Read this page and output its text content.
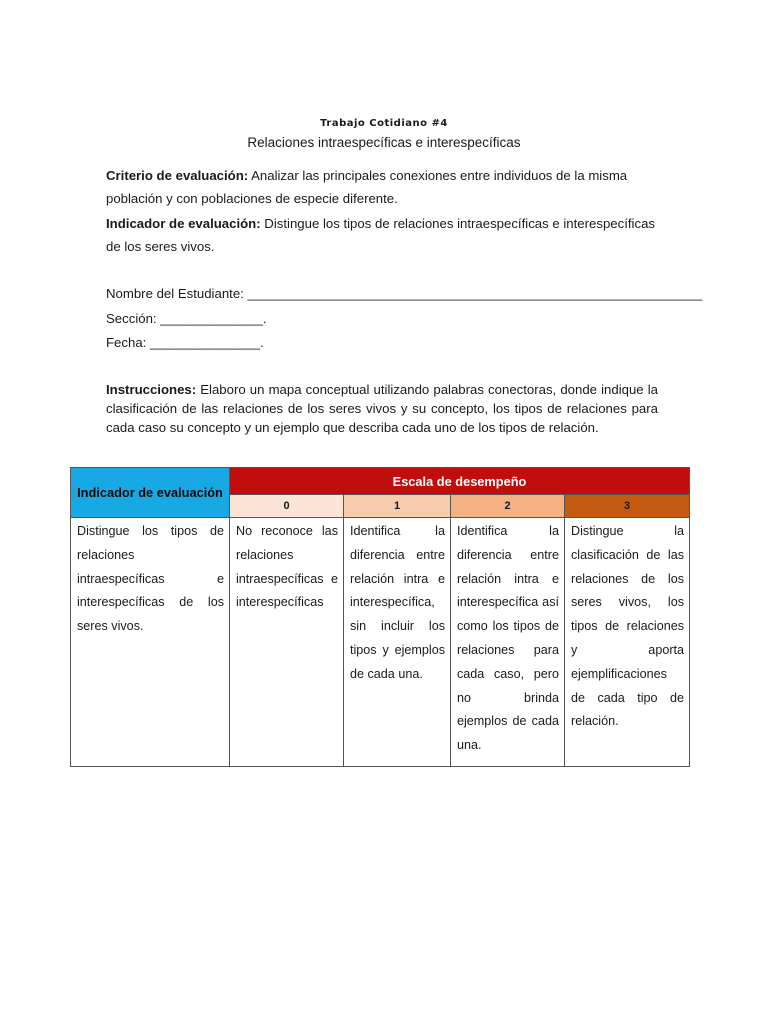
Trabajo Cotidiano #4
Relaciones intraespecíficas e interespecíficas
Criterio de evaluación: Analizar las principales conexiones entre individuos de la misma población y con poblaciones de especie diferente.
Indicador de evaluación: Distingue los tipos de relaciones intraespecíficas e interespecíficas de los seres vivos.
Nombre del Estudiante: ______________________________________________________________
Sección: ______________.
Fecha: _______________.
Instrucciones: Elaboro un mapa conceptual utilizando palabras conectoras, donde indique la clasificación de las relaciones de los seres vivos y su concepto, los tipos de relaciones para cada caso su concepto y un ejemplo que describa cada uno de los tipos de relación.
Indicador de evaluación	Escala de desempeño			
	0	1	2	3
Distingue los tipos de relaciones intraespecíficas e interespecíficas de los seres vivos.	No reconoce las relaciones intraespecíficas e interespecíficas	Identifica la diferencia entre relación intra e interespecífica, sin incluir los tipos y ejemplos de cada una.	Identifica la diferencia entre relación intra e interespecífica así como los tipos de relaciones para cada caso, pero no brinda ejemplos de cada una.	Distingue la clasificación de las relaciones de los seres vivos, los tipos de relaciones y aporta ejemplificaciones de cada tipo de relación.
